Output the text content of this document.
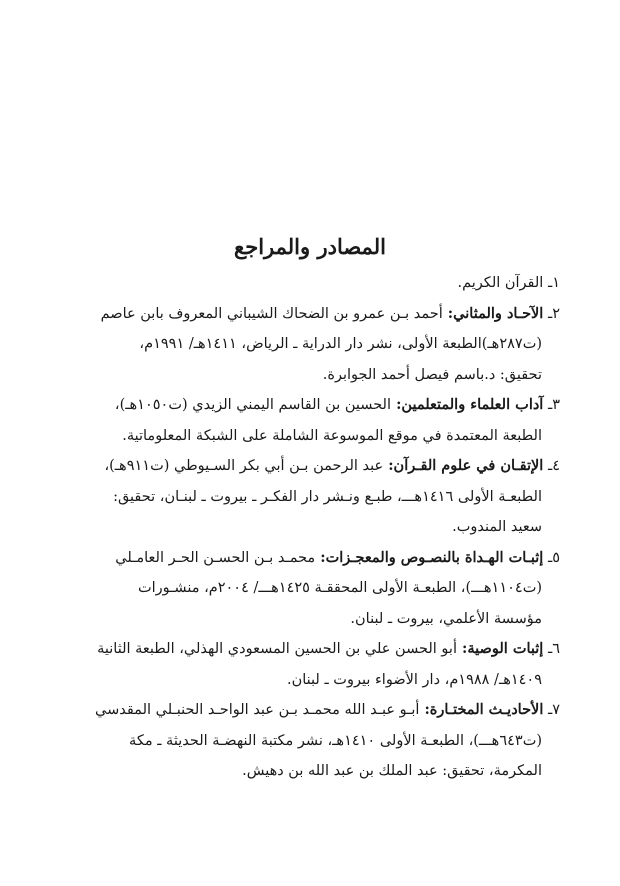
المصادر والمراجع
١ـ القرآن الكريم.
٢ـ الآحـاد والمثاني: أحمد بـن عمرو بن الضحاك الشيباني المعروف بابن عاصم
(ت٢٨٧هـ)الطبعة الأولى، نشر دار الدراية ـ الرياض، ١٤١١هـ/ ١٩٩١م،
تحقيق: د.باسم فيصل أحمد الجوابرة.
٣ـ آداب العلماء والمتعلمين: الحسين بن القاسم اليمني الزيدي (ت١٠٥٠هـ)،
الطبعة المعتمدة في موقع الموسوعة الشاملة على الشبكة المعلوماتية.
٤ـ الإتقـان في علوم القـرآن: عبد الرحمن بـن أبي بكر السـيوطي (ت٩١١هـ)،
الطبعـة الأولى ١٤١٦هـــ، طبـع ونـشر دار الفكـر ـ بيروت ـ لبنـان، تحقيق:
سعيد المندوب.
٥ـ إثبـات الهـداة بالنصـوص والمعجـزات: محمـد بـن الحسـن الحـر العامـلي
(ت١١٠٤هـــ)، الطبعـة الأولى المحققـة ١٤٢٥هـــ/ ٢٠٠٤م، منشـورات
مؤسسة الأعلمي، بيروت ـ لبنان.
٦ـ إثبات الوصية: أبو الحسن علي بن الحسين المسعودي الهذلي، الطبعة الثانية
١٤٠٩هـ/ ١٩٨٨م، دار الأضواء بيروت ـ لبنان.
٧ـ الأحاديـث المختـارة: أبـو عبـد الله محمـد بـن عبد الواحـد الحنبـلي المقدسي
(ت٦٤٣هـــ)، الطبعـة الأولى ١٤١٠هـ، نشر مكتبة النهضـة الحديثة ـ مكة
المكرمة، تحقيق: عبد الملك بن عبد الله بن دهيش.
